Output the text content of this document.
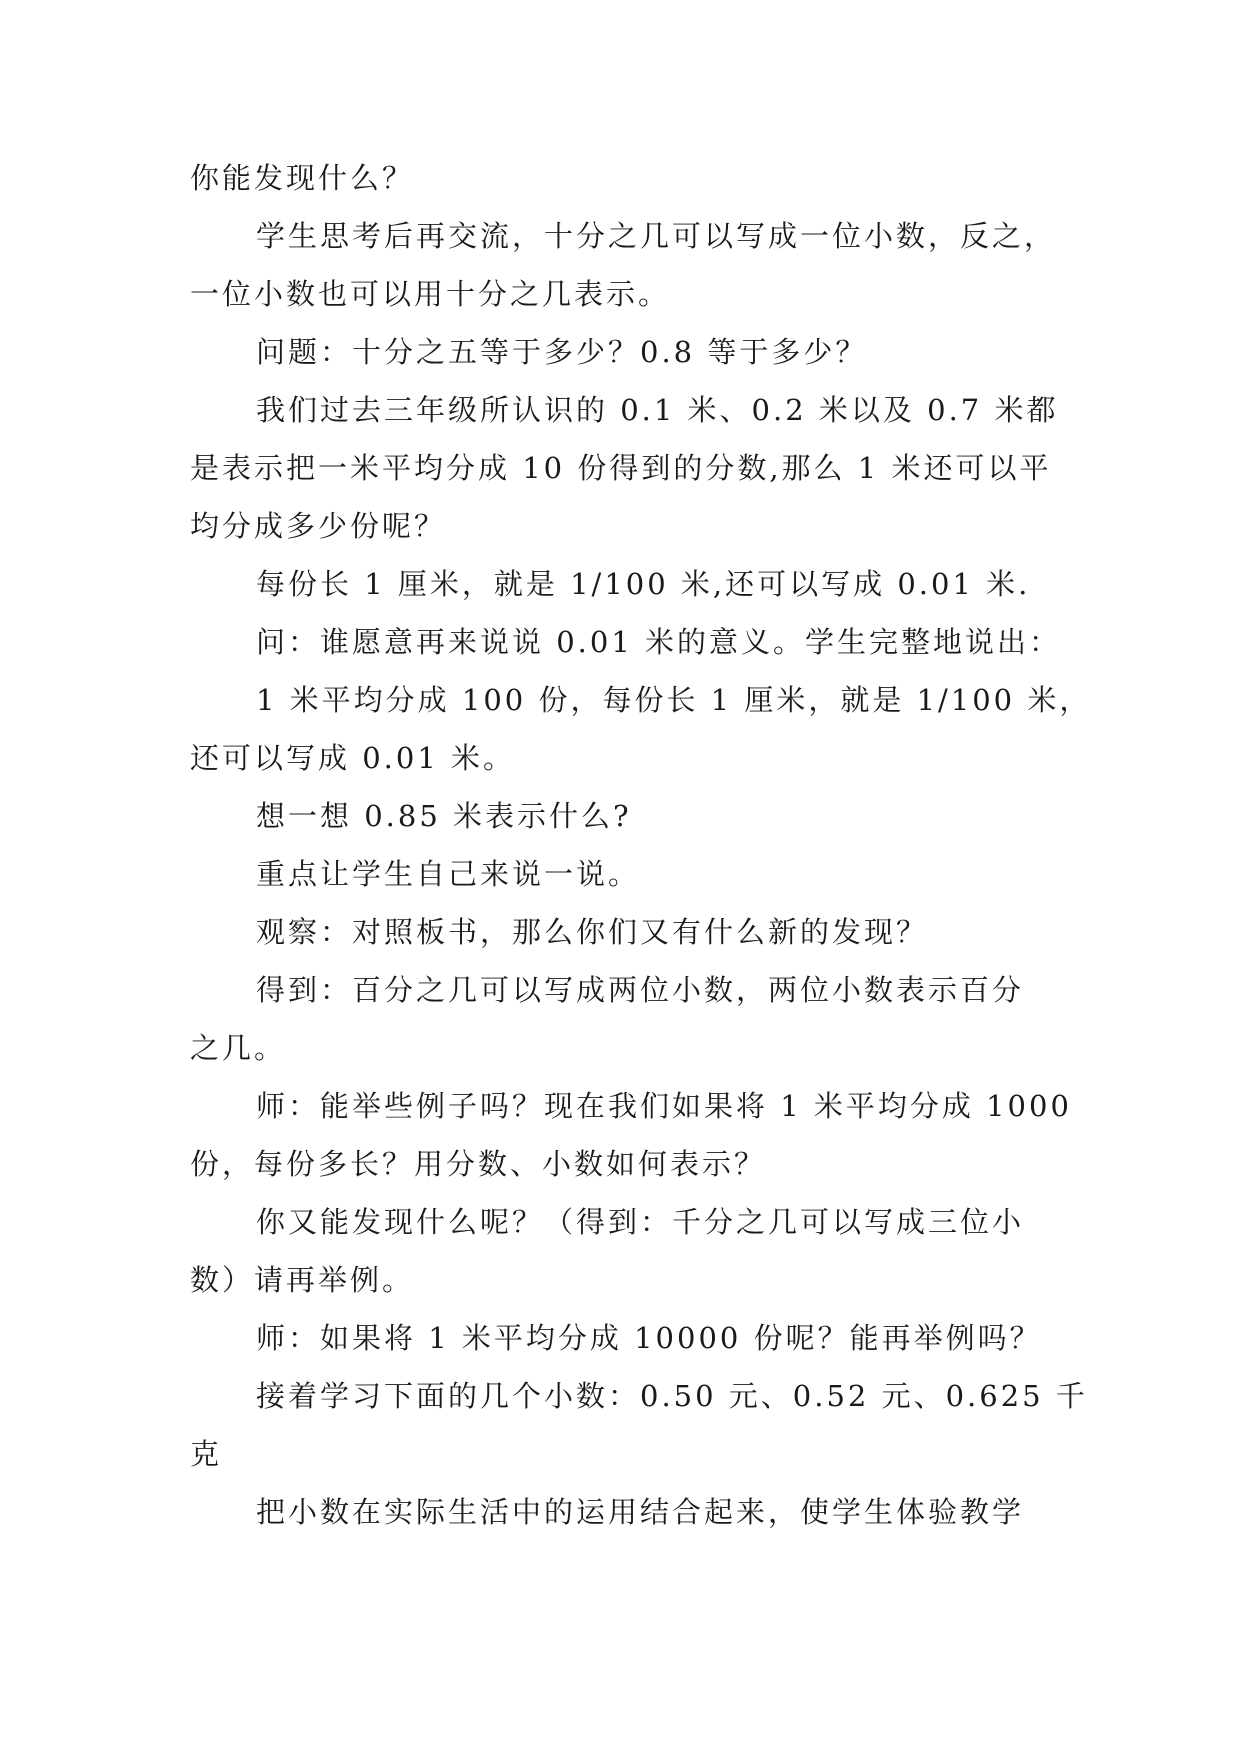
你能发现什么？
学生思考后再交流，十分之几可以写成一位小数，反之，
一位小数也可以用十分之几表示。
问题：十分之五等于多少？0.8 等于多少？
我们过去三年级所认识的 0.1 米、0.2 米以及 0.7 米都
是表示把一米平均分成 10 份得到的分数,那么 1 米还可以平
均分成多少份呢？
每份长 1 厘米，就是 1/100 米,还可以写成 0.01 米.
问：谁愿意再来说说 0.01 米的意义。学生完整地说出：
1 米平均分成 100 份，每份长 1 厘米，就是 1/100 米，
还可以写成 0.01 米。
想一想 0.85 米表示什么?
重点让学生自己来说一说。
观察：对照板书，那么你们又有什么新的发现？
得到：百分之几可以写成两位小数，两位小数表示百分
之几。
师：能举些例子吗？现在我们如果将 1 米平均分成 1000
份，每份多长？用分数、小数如何表示？
你又能发现什么呢？（得到：千分之几可以写成三位小
数）请再举例。
师：如果将 1 米平均分成 10000 份呢？能再举例吗？
接着学习下面的几个小数：0.50 元、0.52 元、0.625 千
克
把小数在实际生活中的运用结合起来，使学生体验教学
